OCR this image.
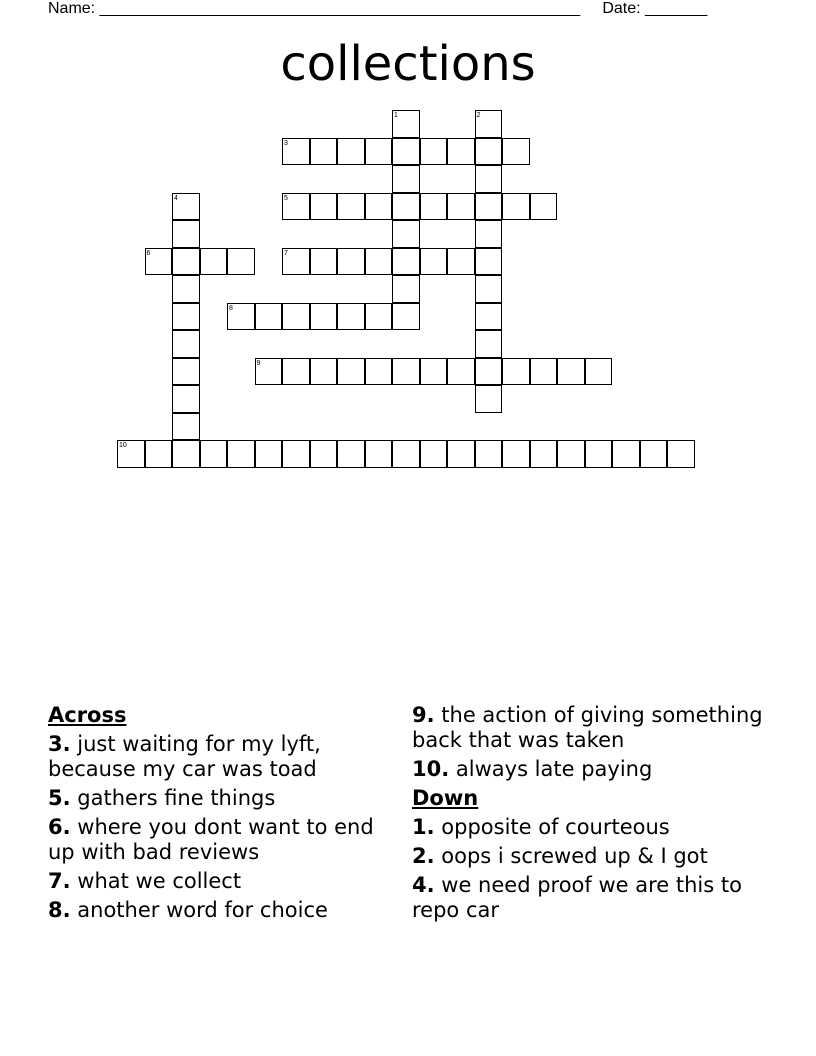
Name: ______________________________________________________     Date: _______
collections
1	2
3
4	5
6	7
8
9
10
Across
3. just waiting for my lyft, because my car was toad
5. gathers fine things
6. where you dont want to end up with bad reviews
7. what we collect
8. another word for choice
9. the action of giving something back that was taken
10. always late paying
Down
1. opposite of courteous
2. oops i screwed up & I got
4. we need proof we are this to repo car
